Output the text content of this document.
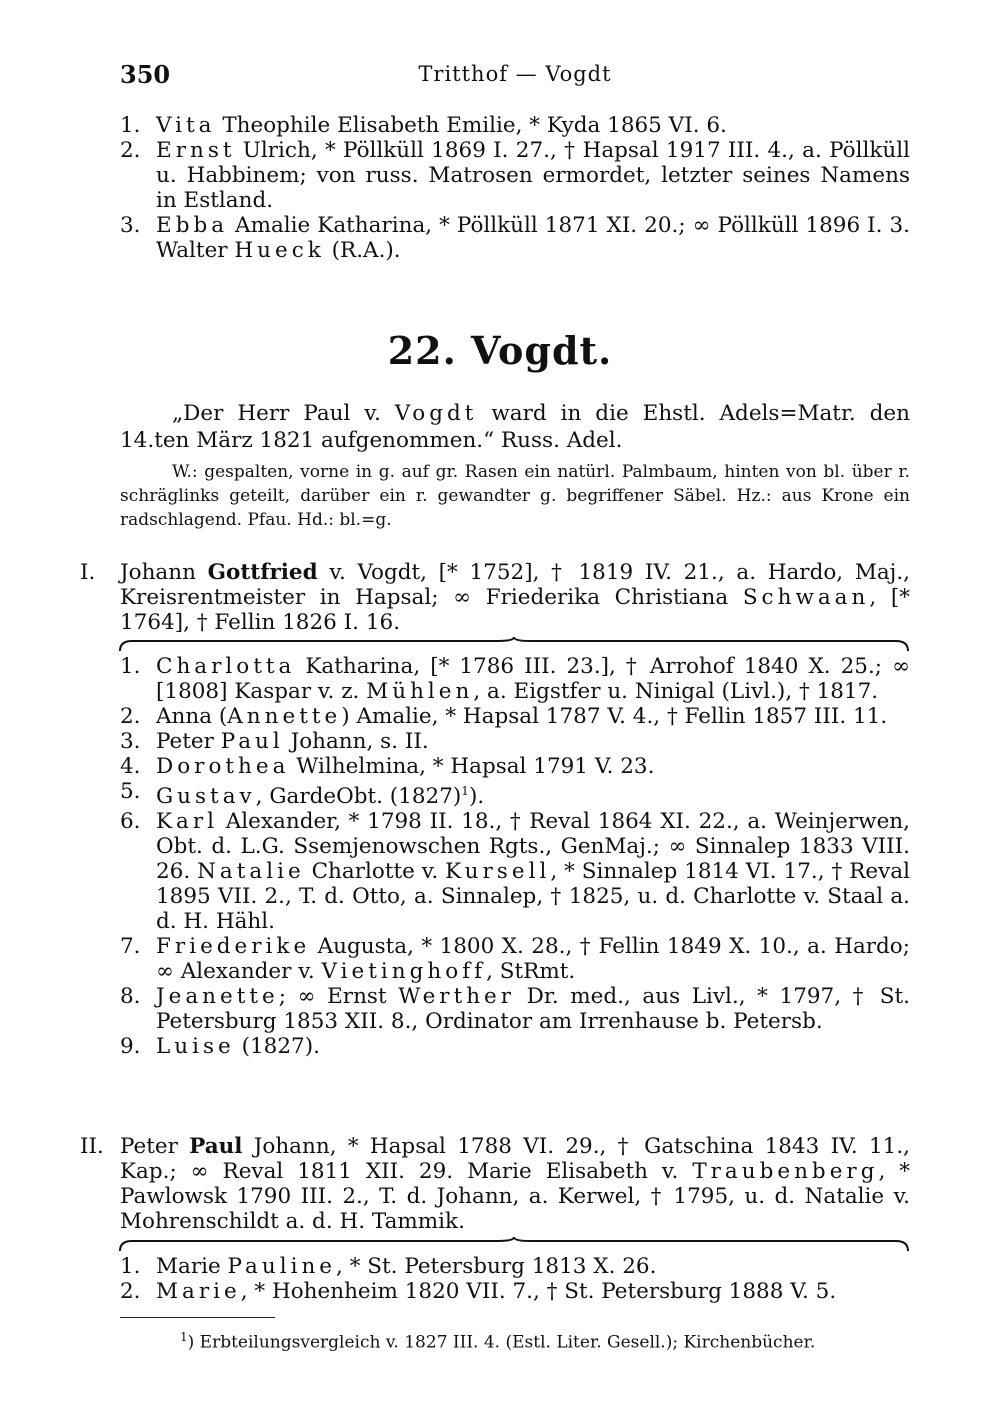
350	Tritthof — Vogdt

1. Vita Theophile Elisabeth Emilie, * Kyda 1865 VI. 6.

2. Ernst Ulrich, * Pöllküll 1869 I. 27., † Hapsal 1917 III. 4., a. Pöllküll u. Habbinem; von russ. Matrosen ermordet, letzter seines Namens in Estland.

3. Ebba Amalie Katharina, * Pöllküll 1871 XI. 20.; ∞ Pöllküll 1896 I. 3. Walter Hueck (R.A.).

22. Vogdt.
„Der Herr Paul v. Vogdt ward in die Ehstl. Adels=Matr. den 14.ten März 1821 aufgenommen.“ Russ. Adel.
W.: gespalten, vorne in g. auf gr. Rasen ein natürl. Palmbaum, hinten von bl. über r. schräglinks geteilt, darüber ein r. gewandter g. begriffener Säbel. Hz.: aus Krone ein radschlagend. Pfau. Hd.: bl.=g.
I. Johann Gottfried v. Vogdt, [* 1752], † 1819 IV. 21., a. Hardo, Maj., Kreisrentmeister in Hapsal; ∞ Friederika Christiana Schwaan, [* 1764], † Fellin 1826 I. 16.

1. Charlotta Katharina, [* 1786 III. 23.], † Arrohof 1840 X. 25.; ∞ [1808] Kaspar v. z. Mühlen, a. Eigstfer u. Ninigal (Livl.), † 1817.

2. Anna (Annette) Amalie, * Hapsal 1787 V. 4., † Fellin 1857 III. 11.

3. Peter Paul Johann, s. II.

4. Dorothea Wilhelmina, * Hapsal 1791 V. 23.

5. Gustav, GardeObt. $(1827)^1$).

6. Karl Alexander, * 1798 II. 18., † Reval 1864 XI. 22., a. Weinjerwen, Obt. d. L.G. Ssemjenowschen Rgts., GenMaj.; ∞ Sinnalep 1833 VIII. 26. Natalie Charlotte v. Kursell, * Sinnalep 1814 VI. 17., † Reval 1895 VII. 2., T. d. Otto, a. Sinnalep, † 1825, u. d. Charlotte v. Staal a. d. H. Hähl.

7. Friederike Augusta, * 1800 X. 28., † Fellin 1849 X. 10., a. Hardo; ∞ Alexander v. Vietinghoff, StRmt.

8. Jeanette; ∞ Ernst Werther Dr. med., aus Livl., * 1797, † St. Petersburg 1853 XII. 8., Ordinator am Irrenhause b. Petersb.

9. Luise (1827).

II. Peter Paul Johann, * Hapsal 1788 VI. 29., † Gatschina 1843 IV. 11., Kap.; ∞ Reval 1811 XII. 29. Marie Elisabeth v. Traubenberg, * Pawlowsk 1790 III. 2., T. d. Johann, a. Kerwel, † 1795, u. d. Natalie v. Mohrenschildt a. d. H. Tammik.

1. Marie Pauline, * St. Petersburg 1813 X. 26.

2. Marie, * Hohenheim 1820 VII. 7., † St. Petersburg 1888 V. 5.

$^1$) Erbteilungsvergleich v. 1827 III. 4. (Estl. Liter. Gesell.); Kirchenbücher.
